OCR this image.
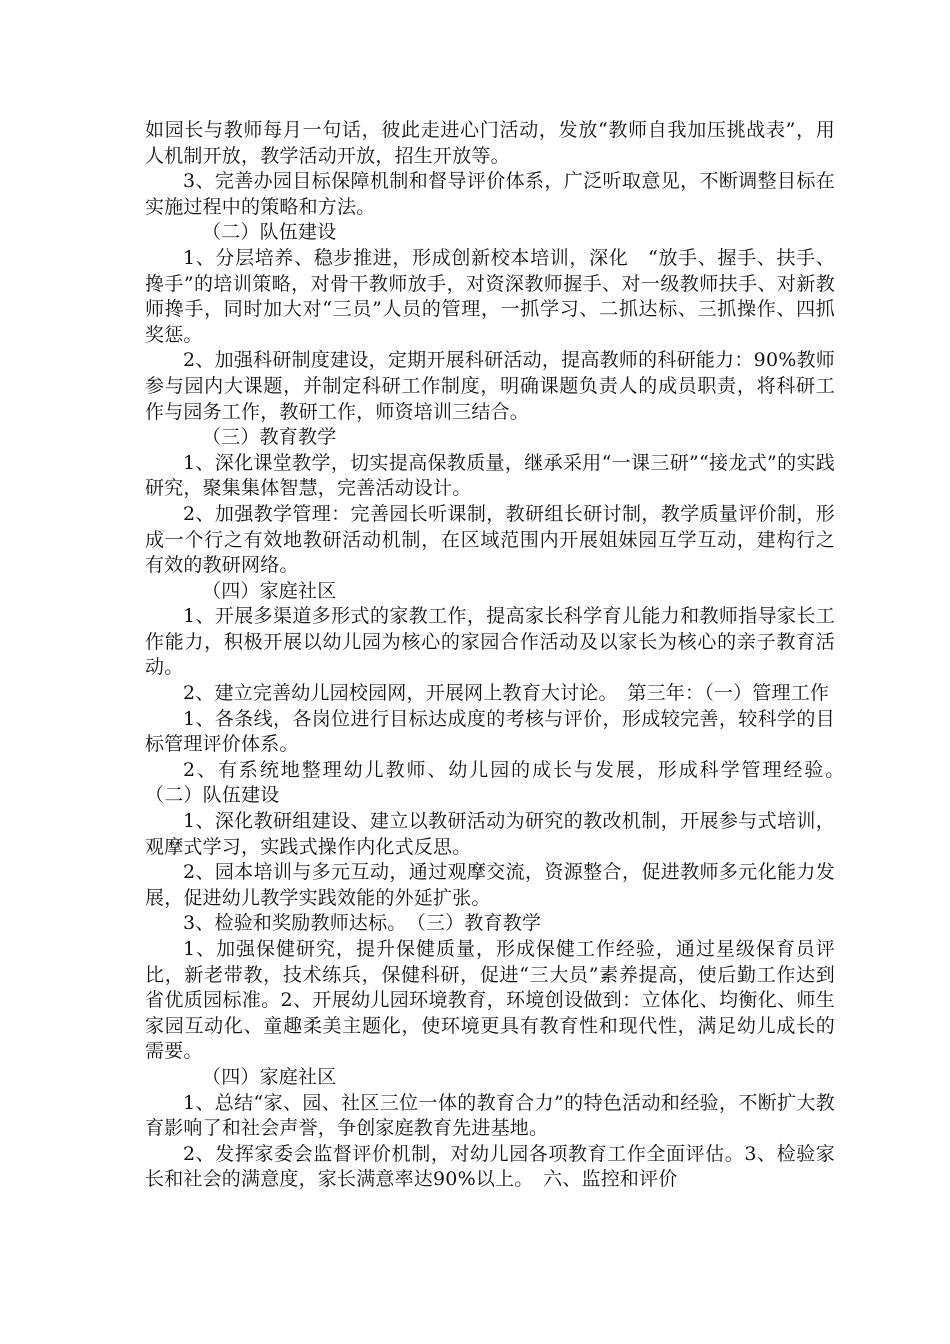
如园长与教师每月一句话，彼此走进心门活动，发放“教师自我加压挑战表”，用人机制开放，教学活动开放，招生开放等。

3、完善办园目标保障机制和督导评价体系，广泛听取意见，不断调整目标在实施过程中的策略和方法。

（二）队伍建设

1、分层培养、稳步推进，形成创新校本培训，深化　“放手、握手、扶手、搀手”的培训策略，对骨干教师放手，对资深教师握手、对一级教师扶手、对新教师搀手，同时加大对“三员”人员的管理，一抓学习、二抓达标、三抓操作、四抓奖惩。

2、加强科研制度建设，定期开展科研活动，提高教师的科研能力：90%教师参与园内大课题，并制定科研工作制度，明确课题负责人的成员职责，将科研工作与园务工作，教研工作，师资培训三结合。

（三）教育教学

1、深化课堂教学，切实提高保教质量，继承采用“一课三研”“接龙式”的实践研究，聚集集体智慧，完善活动设计。

2、加强教学管理：完善园长听课制，教研组长研讨制，教学质量评价制，形成一个行之有效地教研活动机制，在区域范围内开展姐妹园互学互动，建构行之有效的教研网络。

（四）家庭社区

1、开展多渠道多形式的家教工作，提高家长科学育儿能力和教师指导家长工作能力，积极开展以幼儿园为核心的家园合作活动及以家长为核心的亲子教育活动。

2、建立完善幼儿园校园网，开展网上教育大讨论。　第三年：（一）管理工作

1、各条线，各岗位进行目标达成度的考核与评价，形成较完善，较科学的目标管理评价体系。

2、有系统地整理幼儿教师、幼儿园的成长与发展，形成科学管理经验。　（二）队伍建设

1、深化教研组建设、建立以教研活动为研究的教改机制，开展参与式培训，观摩式学习，实践式操作内化式反思。

2、园本培训与多元互动，通过观摩交流，资源整合，促进教师多元化能力发展，促进幼儿教学实践效能的外延扩张。

3、检验和奖励教师达标。　（三）教育教学

1、加强保健研究，提升保健质量，形成保健工作经验，通过星级保育员评比，新老带教，技术练兵，保健科研，促进“三大员”素养提高，使后勤工作达到省优质园标准。2、开展幼儿园环境教育，环境创设做到：立体化、均衡化、师生家园互动化、童趣柔美主题化，使环境更具有教育性和现代性，满足幼儿成长的需要。

（四）家庭社区

1、总结“家、园、社区三位一体的教育合力”的特色活动和经验，不断扩大教育影响了和社会声誉，争创家庭教育先进基地。

2、发挥家委会监督评价机制，对幼儿园各项教育工作全面评估。3、检验家长和社会的满意度，家长满意率达90%以上。　六、监控和评价
